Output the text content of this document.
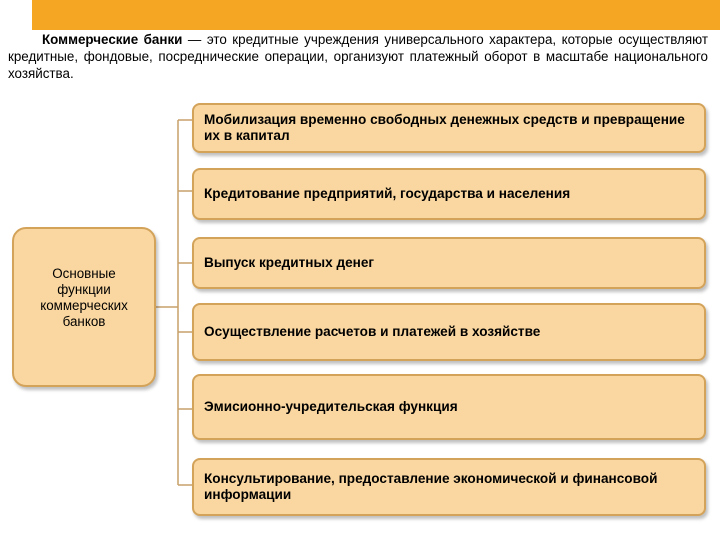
Коммерческие банки — это кредитные учреждения универсального характера, которые осуществляют кредитные, фондовые, посреднические операции, организуют платежный оборот в масштабе национального хозяйства.
Основные функции коммерческих банков
Мобилизация временно свободных денежных средств и превращение их в капитал
Кредитование предприятий, государства и населения
Выпуск кредитных денег
Осуществление расчетов и платежей в хозяйстве
Эмисионно-учредительская функция
Консультирование, предоставление экономической и финансовой информации
